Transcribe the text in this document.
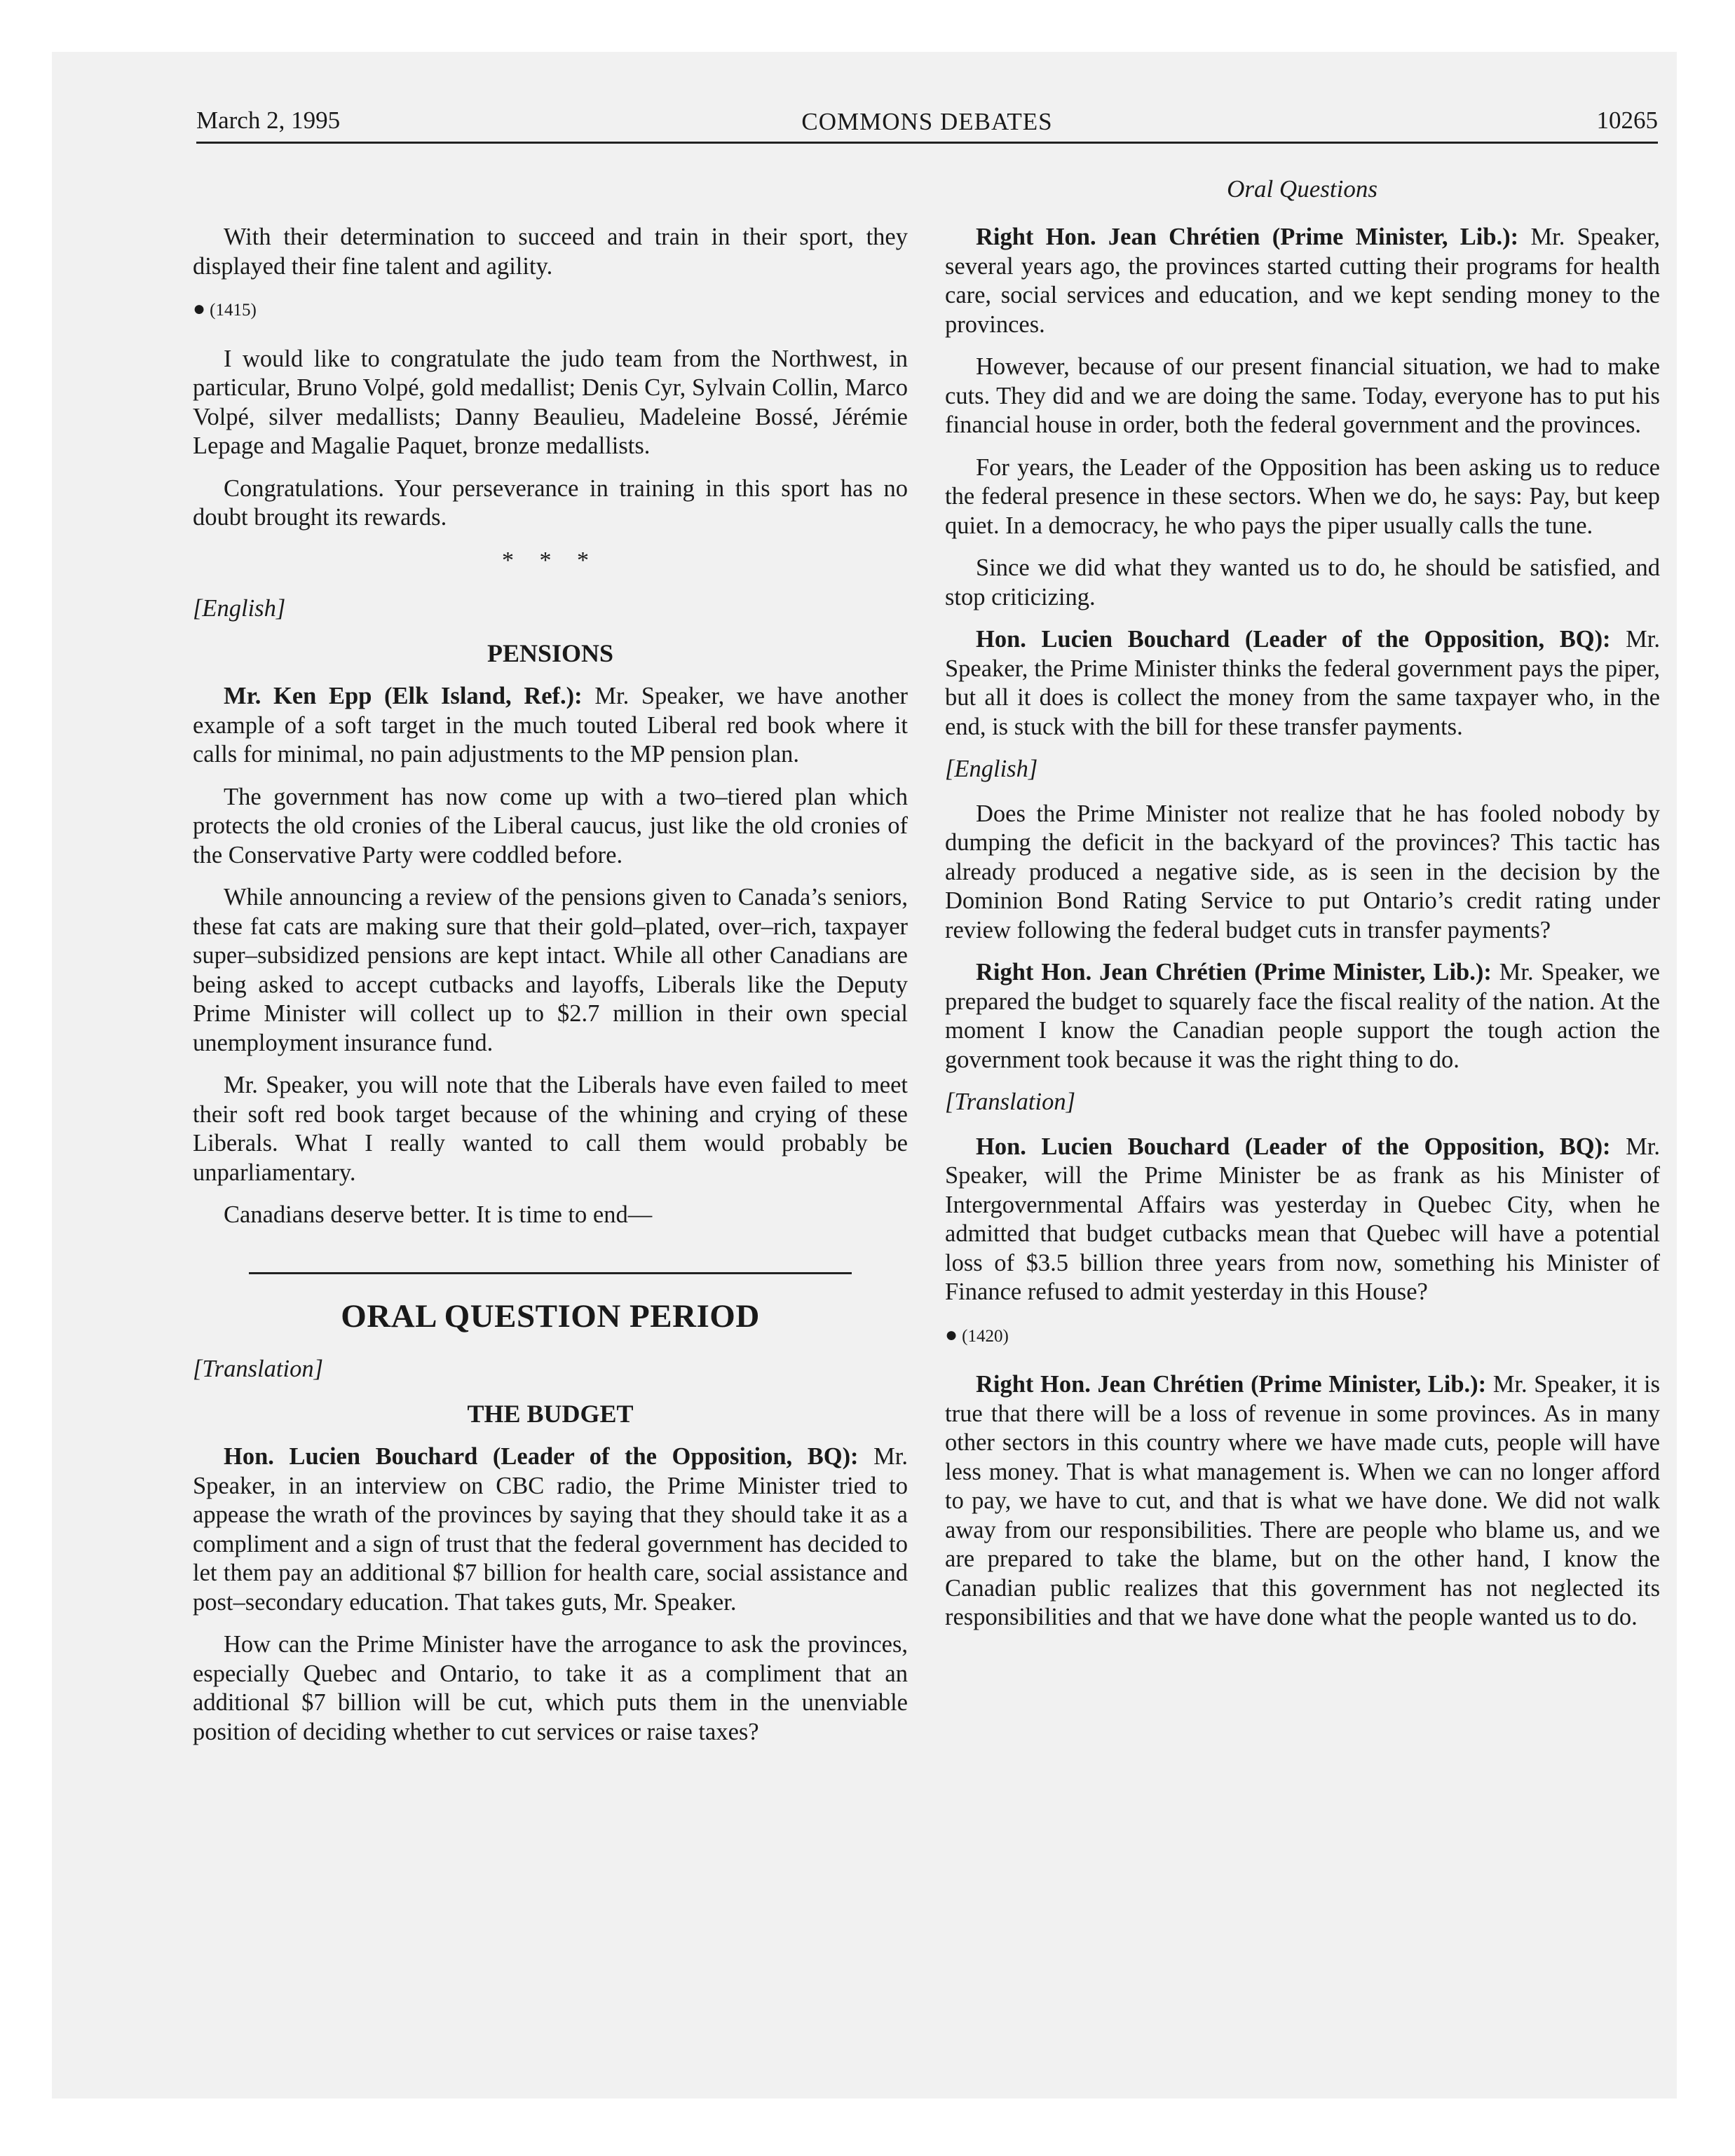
March 2, 1995	COMMONS DEBATES	10265
Oral Questions

With their determination to succeed and train in their sport, they displayed their fine talent and agility.

● (1415)

I would like to congratulate the judo team from the Northwest, in particular, Bruno Volpé, gold medallist; Denis Cyr, Sylvain Collin, Marco Volpé, silver medallists; Danny Beaulieu, Madeleine Bossé, Jérémie Lepage and Magalie Paquet, bronze medallists.

Congratulations. Your perseverance in training in this sport has no doubt brought its rewards.

* * *

[English]

PENSIONS

Mr. Ken Epp (Elk Island, Ref.): Mr. Speaker, we have another example of a soft target in the much touted Liberal red book where it calls for minimal, no pain adjustments to the MP pension plan.

The government has now come up with a two–tiered plan which protects the old cronies of the Liberal caucus, just like the old cronies of the Conservative Party were coddled before.

While announcing a review of the pensions given to Canada’s seniors, these fat cats are making sure that their gold–plated, over–rich, taxpayer super–subsidized pensions are kept intact. While all other Canadians are being asked to accept cutbacks and layoffs, Liberals like the Deputy Prime Minister will collect up to $2.7 million in their own special unemployment insurance fund.

Mr. Speaker, you will note that the Liberals have even failed to meet their soft red book target because of the whining and crying of these Liberals. What I really wanted to call them would probably be unparliamentary.

Canadians deserve better. It is time to end—

ORAL QUESTION PERIOD

[Translation]

THE BUDGET

Hon. Lucien Bouchard (Leader of the Opposition, BQ): Mr. Speaker, in an interview on CBC radio, the Prime Minister tried to appease the wrath of the provinces by saying that they should take it as a compliment and a sign of trust that the federal government has decided to let them pay an additional $7 billion for health care, social assistance and post–secondary education. That takes guts, Mr. Speaker.

How can the Prime Minister have the arrogance to ask the provinces, especially Quebec and Ontario, to take it as a compliment that an additional $7 billion will be cut, which puts them in the unenviable position of deciding whether to cut services or raise taxes?

Right Hon. Jean Chrétien (Prime Minister, Lib.): Mr. Speaker, several years ago, the provinces started cutting their programs for health care, social services and education, and we kept sending money to the provinces.

However, because of our present financial situation, we had to make cuts. They did and we are doing the same. Today, everyone has to put his financial house in order, both the federal government and the provinces.

For years, the Leader of the Opposition has been asking us to reduce the federal presence in these sectors. When we do, he says: Pay, but keep quiet. In a democracy, he who pays the piper usually calls the tune.

Since we did what they wanted us to do, he should be satisfied, and stop criticizing.

Hon. Lucien Bouchard (Leader of the Opposition, BQ): Mr. Speaker, the Prime Minister thinks the federal government pays the piper, but all it does is collect the money from the same taxpayer who, in the end, is stuck with the bill for these transfer payments.

[English]

Does the Prime Minister not realize that he has fooled nobody by dumping the deficit in the backyard of the provinces? This tactic has already produced a negative side, as is seen in the decision by the Dominion Bond Rating Service to put Ontario’s credit rating under review following the federal budget cuts in transfer payments?

Right Hon. Jean Chrétien (Prime Minister, Lib.): Mr. Speaker, we prepared the budget to squarely face the fiscal reality of the nation. At the moment I know the Canadian people support the tough action the government took because it was the right thing to do.

[Translation]

Hon. Lucien Bouchard (Leader of the Opposition, BQ): Mr. Speaker, will the Prime Minister be as frank as his Minister of Intergovernmental Affairs was yesterday in Quebec City, when he admitted that budget cutbacks mean that Quebec will have a potential loss of $3.5 billion three years from now, something his Minister of Finance refused to admit yesterday in this House?

● (1420)

Right Hon. Jean Chrétien (Prime Minister, Lib.): Mr. Speaker, it is true that there will be a loss of revenue in some provinces. As in many other sectors in this country where we have made cuts, people will have less money. That is what management is. When we can no longer afford to pay, we have to cut, and that is what we have done. We did not walk away from our responsibilities. There are people who blame us, and we are prepared to take the blame, but on the other hand, I know the Canadian public realizes that this government has not neglected its responsibilities and that we have done what the people wanted us to do.
